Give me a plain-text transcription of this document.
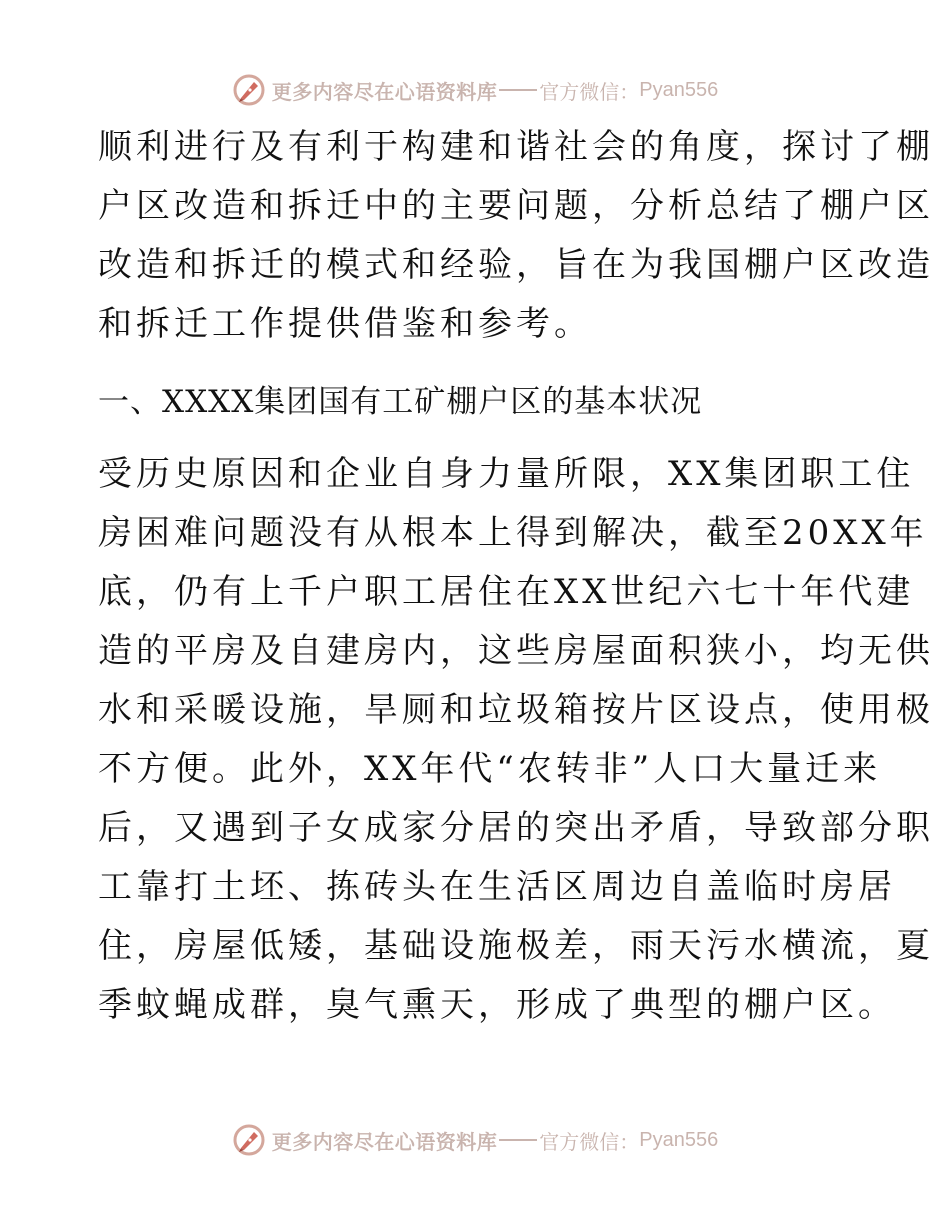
更多内容尽在心语资料库 官方微信： Pyan556
顺利进行及有利于构建和谐社会的角度，探讨了棚
户区改造和拆迁中的主要问题，分析总结了棚户区
改造和拆迁的模式和经验，旨在为我国棚户区改造
和拆迁工作提供借鉴和参考。
一、XXXX集团国有工矿棚户区的基本状况
受历史原因和企业自身力量所限，XX集团职工住
房困难问题没有从根本上得到解决，截至20XX年
底，仍有上千户职工居住在XX世纪六七十年代建
造的平房及自建房内，这些房屋面积狭小，均无供
水和采暖设施，旱厕和垃圾箱按片区设点，使用极
不方便。此外，XX年代“农转非”人口大量迁来
后，又遇到子女成家分居的突出矛盾，导致部分职
工靠打土坯、拣砖头在生活区周边自盖临时房居
住，房屋低矮，基础设施极差，雨天污水横流，夏
季蚊蝇成群，臭气熏天，形成了典型的棚户区。
更多内容尽在心语资料库 官方微信： Pyan556
